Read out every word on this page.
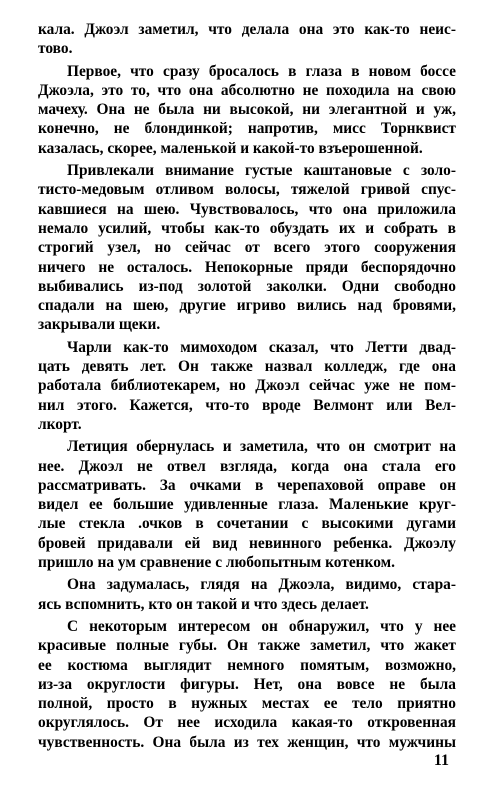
кала. Джоэл заметил, что делала она это как-то неис-
тово.

Первое, что сразу бросалось в глаза в новом боссе
Джоэла, это то, что она абсолютно не походила на свою
мачеху. Она не была ни высокой, ни элегантной и уж,
конечно, не блондинкой; напротив, мисс Торнквист
казалась, скорее, маленькой и какой-то взъерошенной.

Привлекали внимание густые каштановые с золо-
тисто-медовым отливом волосы, тяжелой гривой спус-
кавшиеся на шею. Чувствовалось, что она приложила
немало усилий, чтобы как-то обуздать их и собрать в
строгий узел, но сейчас от всего этого сооружения
ничего не осталось. Непокорные пряди беспорядочно
выбивались из-под золотой заколки. Одни свободно
спадали на шею, другие игриво вились над бровями,
закрывали щеки.

Чарли как-то мимоходом сказал, что Летти двад-
цать девять лет. Он также назвал колледж, где она
работала библиотекарем, но Джоэл сейчас уже не пом-
нил этого. Кажется, что-то вроде Велмонт или Вел-
лкорт.

Летиция обернулась и заметила, что он смотрит на
нее. Джоэл не отвел взгляда, когда она стала его
рассматривать. За очками в черепаховой оправе он
видел ее большие удивленные глаза. Маленькие круг-
лые стекла .очков в сочетании с высокими дугами
бровей придавали ей вид невинного ребенка. Джоэлу
пришло на ум сравнение с любопытным котенком.

Она задумалась, глядя на Джоэла, видимо, стара-
ясь вспомнить, кто он такой и что здесь делает.

С некоторым интересом он обнаружил, что у нее
красивые полные губы. Он также заметил, что жакет
ее костюма выглядит немного помятым, возможно,
из-за округлости фигуры. Нет, она вовсе не была
полной, просто в нужных местах ее тело приятно
округлялось. От нее исходила какая-то откровенная
чувственность. Она была из тех женщин, что мужчины

11
